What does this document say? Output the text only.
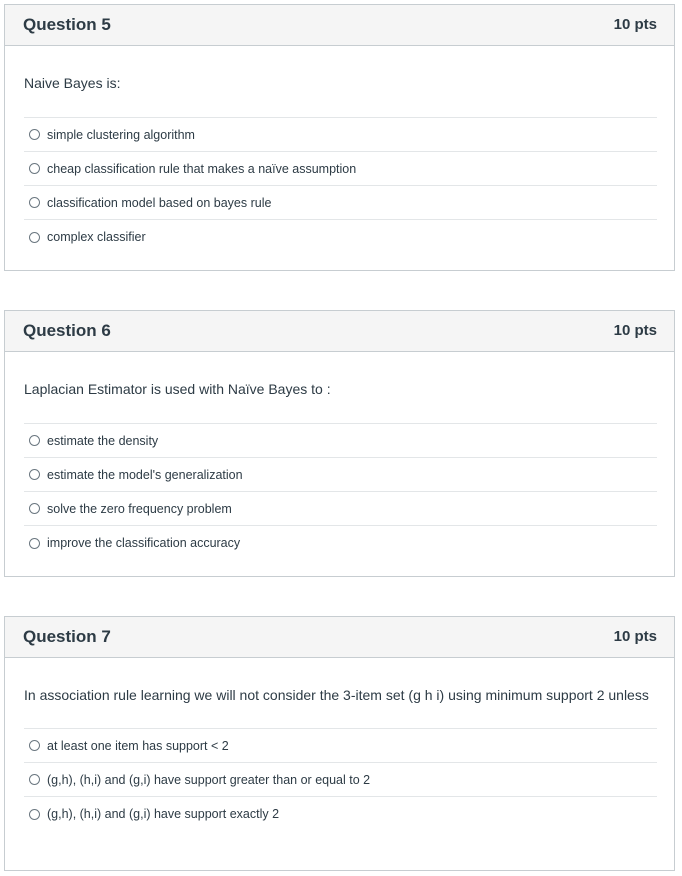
Question 5	10 pts
Naive Bayes is:
simple clustering algorithm
cheap classification rule that makes a naïve assumption
classification model based on bayes rule
complex classifier
Question 6	10 pts
Laplacian Estimator is used with Naïve Bayes to :
estimate the density
estimate the model's generalization
solve the zero frequency problem
improve the classification accuracy
Question 7	10 pts
In association rule learning we will not consider the 3-item set (g h i) using minimum support 2 unless
at least one item has support < 2
(g,h), (h,i) and (g,i) have support greater than or equal to 2
(g,h), (h,i) and (g,i) have support exactly 2
